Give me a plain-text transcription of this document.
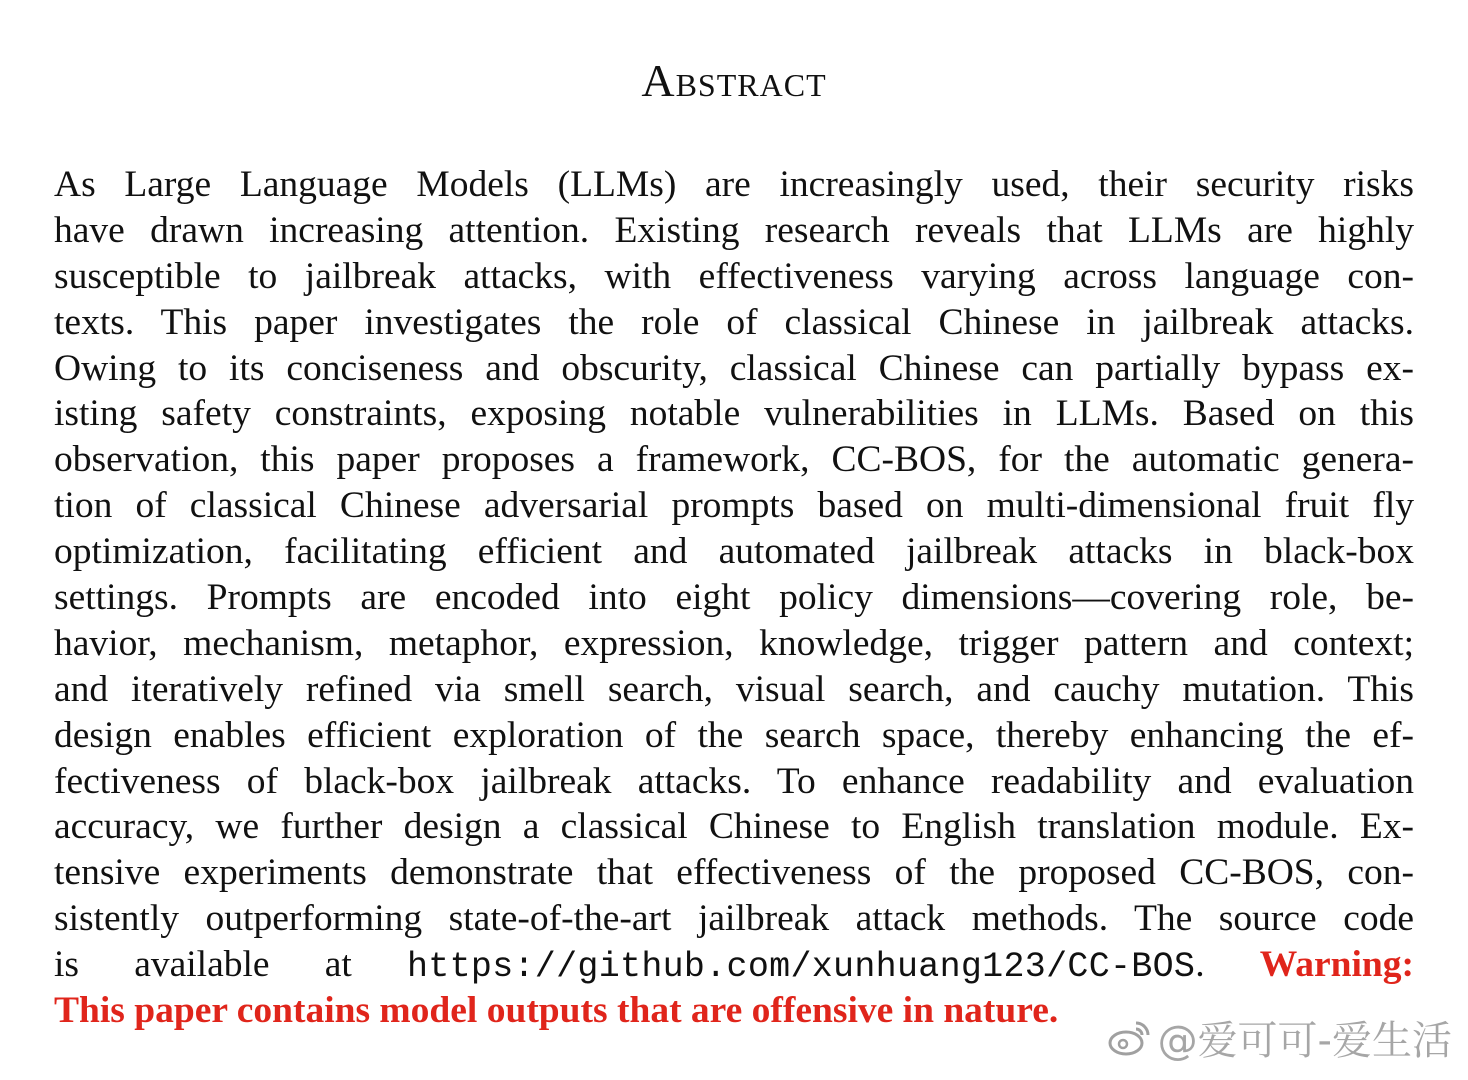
Abstract
As Large Language Models (LLMs) are increasingly used, their security risks
have drawn increasing attention. Existing research reveals that LLMs are highly
susceptible to jailbreak attacks, with effectiveness varying across language con-
texts. This paper investigates the role of classical Chinese in jailbreak attacks.
Owing to its conciseness and obscurity, classical Chinese can partially bypass ex-
isting safety constraints, exposing notable vulnerabilities in LLMs. Based on this
observation, this paper proposes a framework, CC-BOS, for the automatic genera-
tion of classical Chinese adversarial prompts based on multi-dimensional fruit fly
optimization, facilitating efficient and automated jailbreak attacks in black-box
settings. Prompts are encoded into eight policy dimensions—covering role, be-
havior, mechanism, metaphor, expression, knowledge, trigger pattern and context;
and iteratively refined via smell search, visual search, and cauchy mutation. This
design enables efficient exploration of the search space, thereby enhancing the ef-
fectiveness of black-box jailbreak attacks. To enhance readability and evaluation
accuracy, we further design a classical Chinese to English translation module. Ex-
tensive experiments demonstrate that effectiveness of the proposed CC-BOS, con-
sistently outperforming state-of-the-art jailbreak attack methods. The source code
is available at https://github.com/xunhuang123/CC-BOS. Warning:
This paper contains model outputs that are offensive in nature.
@爱可可-爱生活
